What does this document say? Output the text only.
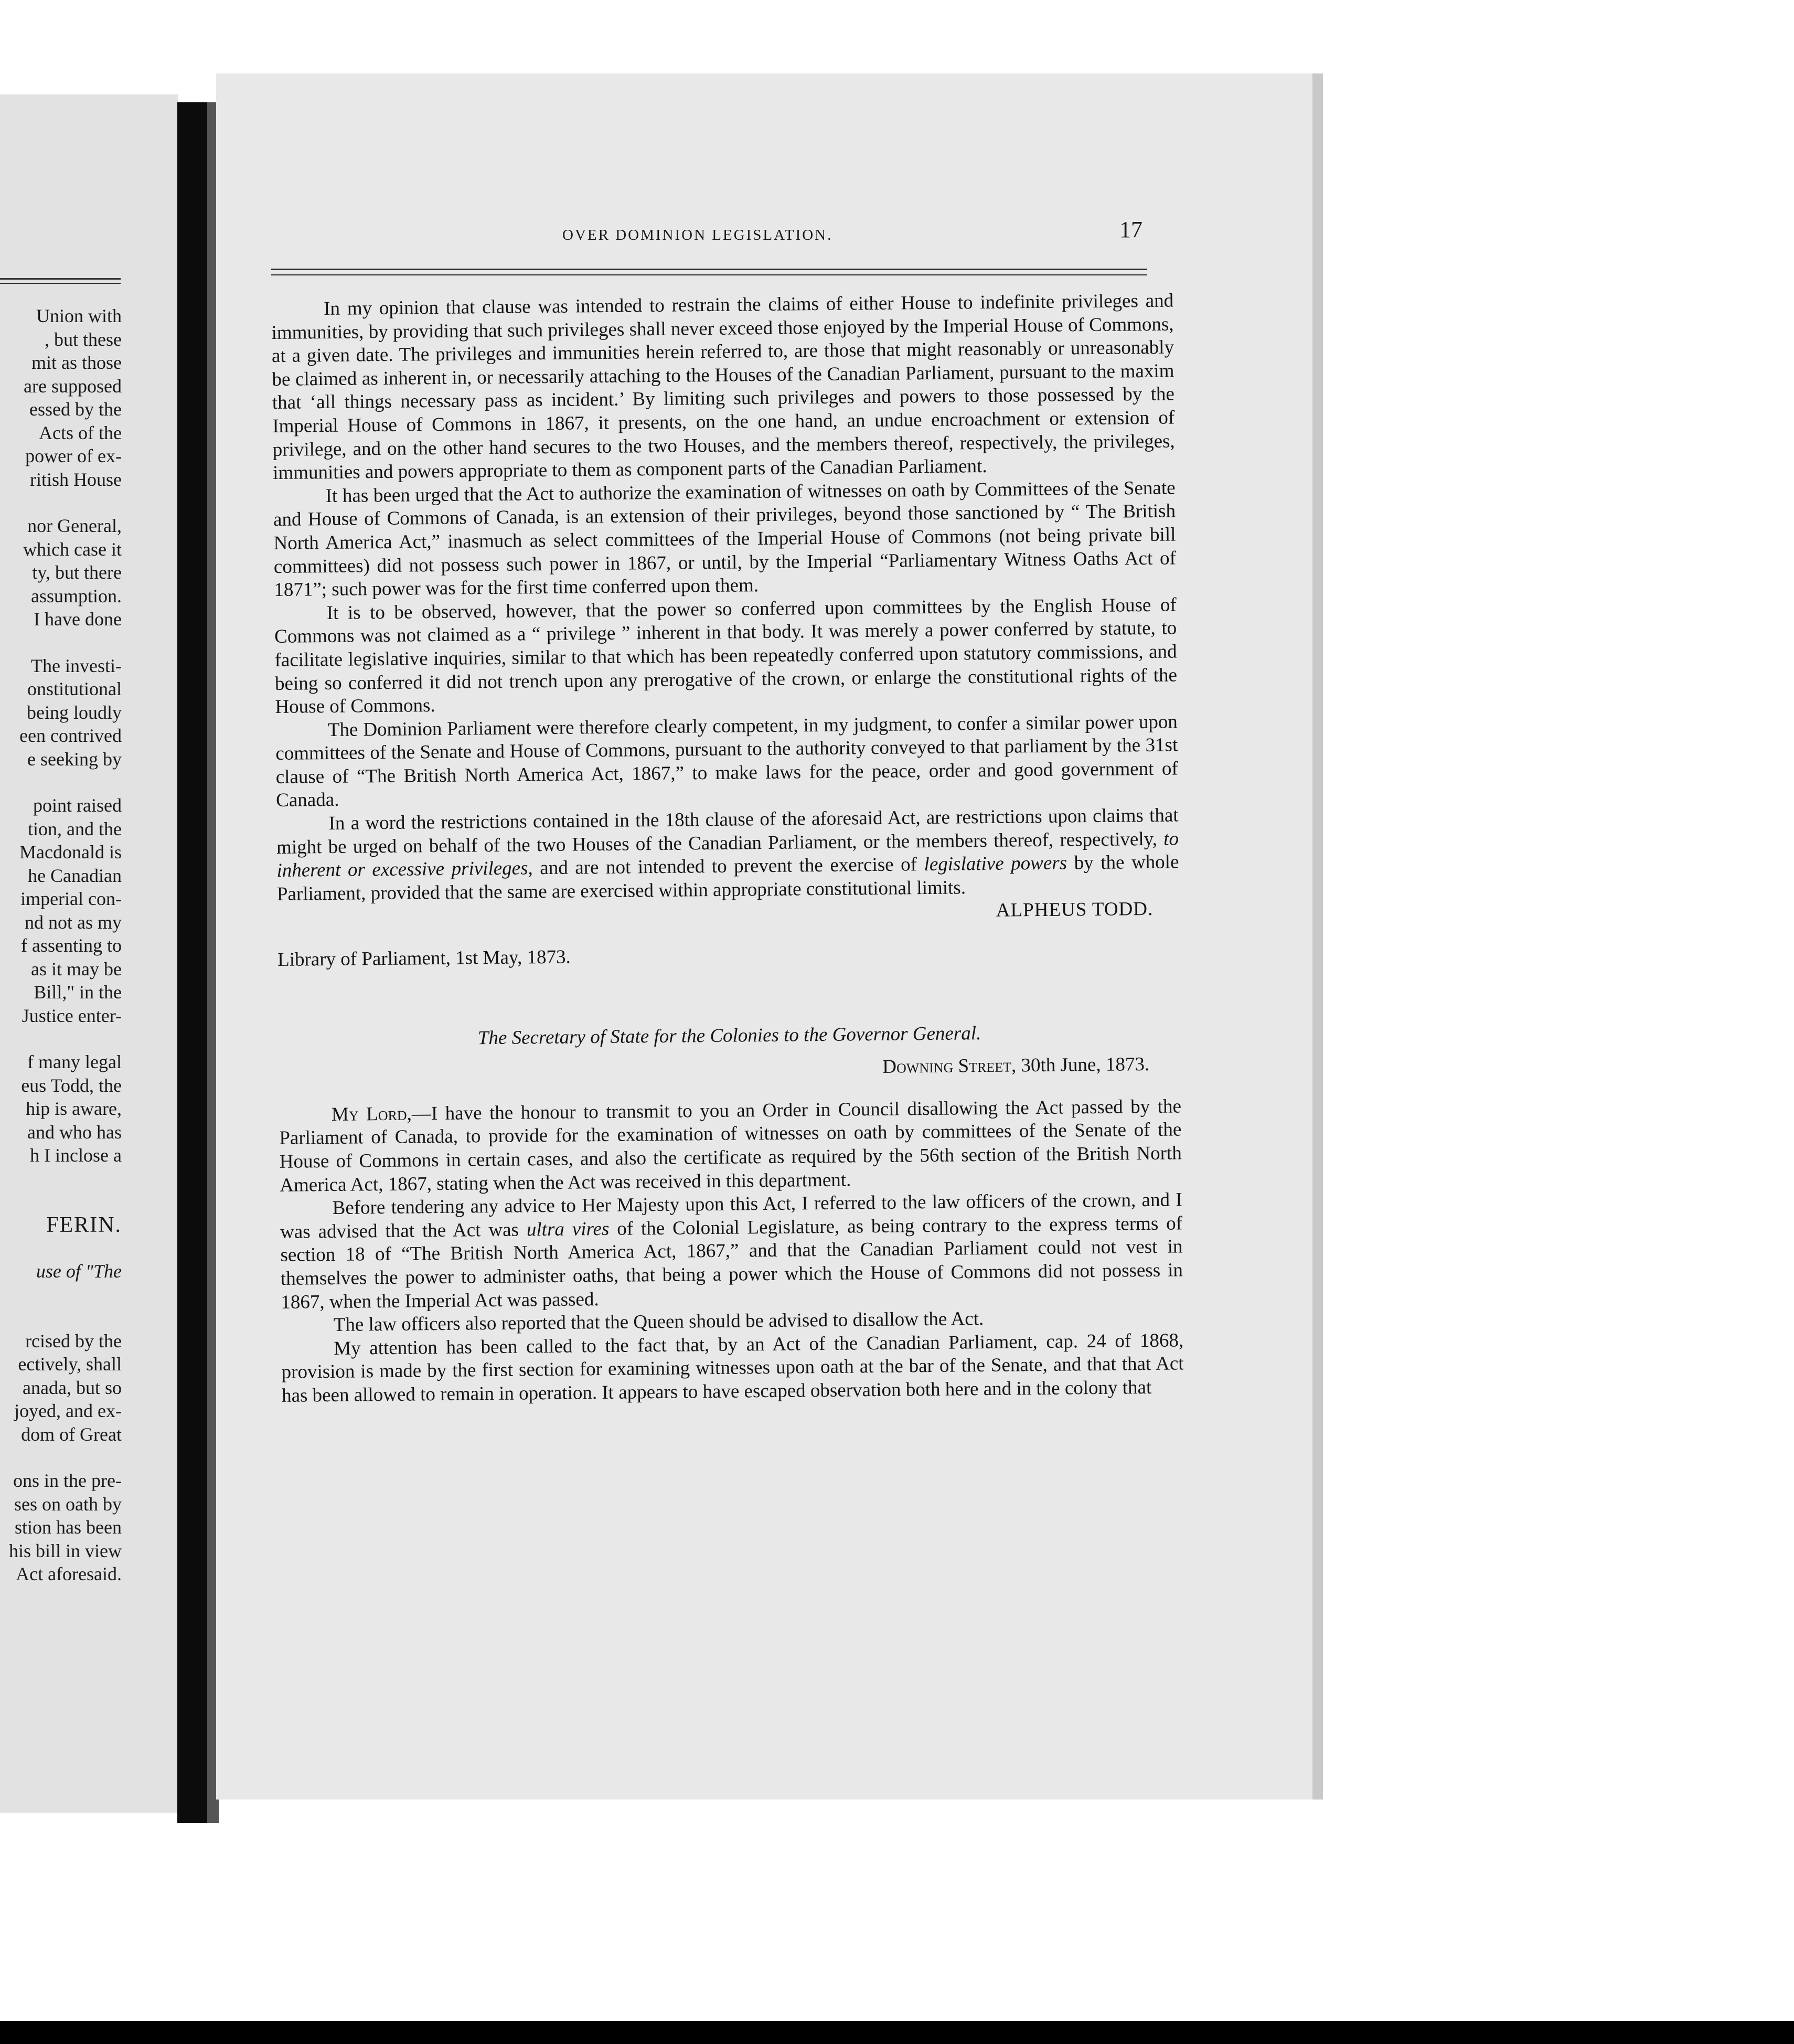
Union with
, but these
mit as those
are supposed
essed by the
Acts of the
power of ex-
ritish House
nor General,
which case it
ty, but there
assumption.
I have done
The investi-
onstitutional
being loudly
een contrived
e seeking by
point raised
tion, and the
Macdonald is
he Canadian
imperial con-
nd not as my
f assenting to
as it may be
Bill," in the
Justice enter-
f many legal
eus Todd, the
hip is aware,
and who has
h I inclose a
FERIN.
use of "The
rcised by the
ectively, shall
anada, but so
joyed, and ex-
dom of Great
ons in the pre-
ses on oath by
stion has been
his bill in view
Act aforesaid.
OVER DOMINION LEGISLATION.	17

In my opinion that clause was intended to restrain the claims of either House to indefinite privileges and immunities, by providing that such privileges shall never exceed those enjoyed by the Imperial House of Commons, at a given date. The privileges and immunities herein referred to, are those that might reasonably or unreasonably be claimed as inherent in, or necessarily attaching to the Houses of the Canadian Parliament, pursuant to the maxim that ‘all things necessary pass as incident.’ By limiting such privileges and powers to those possessed by the Imperial House of Commons in 1867, it presents, on the one hand, an undue encroachment or extension of privilege, and on the other hand secures to the two Houses, and the members thereof, respectively, the privileges, immunities and powers appropriate to them as component parts of the Canadian Parliament.

It has been urged that the Act to authorize the examination of witnesses on oath by Committees of the Senate and House of Commons of Canada, is an extension of their privileges, beyond those sanctioned by “ The British North America Act,” inasmuch as select committees of the Imperial House of Commons (not being private bill committees) did not possess such power in 1867, or until, by the Imperial “Parliamentary Witness Oaths Act of 1871”; such power was for the first time conferred upon them.

It is to be observed, however, that the power so conferred upon committees by the English House of Commons was not claimed as a “ privilege ” inherent in that body. It was merely a power conferred by statute, to facilitate legislative inquiries, similar to that which has been repeatedly conferred upon statutory commissions, and being so conferred it did not trench upon any prerogative of the crown, or enlarge the constitutional rights of the House of Commons.

The Dominion Parliament were therefore clearly competent, in my judgment, to confer a similar power upon committees of the Senate and House of Commons, pursuant to the authority conveyed to that parliament by the 31st clause of “The British North America Act, 1867,” to make laws for the peace, order and good government of Canada.

In a word the restrictions contained in the 18th clause of the aforesaid Act, are restrictions upon claims that might be urged on behalf of the two Houses of the Canadian Parliament, or the members thereof, respectively, to inherent or excessive privileges, and are not intended to prevent the exercise of legislative powers by the whole Parliament, provided that the same are exercised within appropriate constitutional limits.

ALPHEUS TODD.

Library of Parliament, 1st May, 1873.

The Secretary of State for the Colonies to the Governor General.

Downing Street, 30th June, 1873.

My Lord,—I have the honour to transmit to you an Order in Council disallowing the Act passed by the Parliament of Canada, to provide for the examination of witnesses on oath by committees of the Senate of the House of Commons in certain cases, and also the certificate as required by the 56th section of the British North America Act, 1867, stating when the Act was received in this department.

Before tendering any advice to Her Majesty upon this Act, I referred to the law officers of the crown, and I was advised that the Act was ultra vires of the Colonial Legislature, as being contrary to the express terms of section 18 of “The British North America Act, 1867,” and that the Canadian Parliament could not vest in themselves the power to administer oaths, that being a power which the House of Commons did not possess in 1867, when the Imperial Act was passed.

The law officers also reported that the Queen should be advised to disallow the Act.

My attention has been called to the fact that, by an Act of the Canadian Parliament, cap. 24 of 1868, provision is made by the first section for examining witnesses upon oath at the bar of the Senate, and that that Act has been allowed to remain in operation. It appears to have escaped observation both here and in the colony that
